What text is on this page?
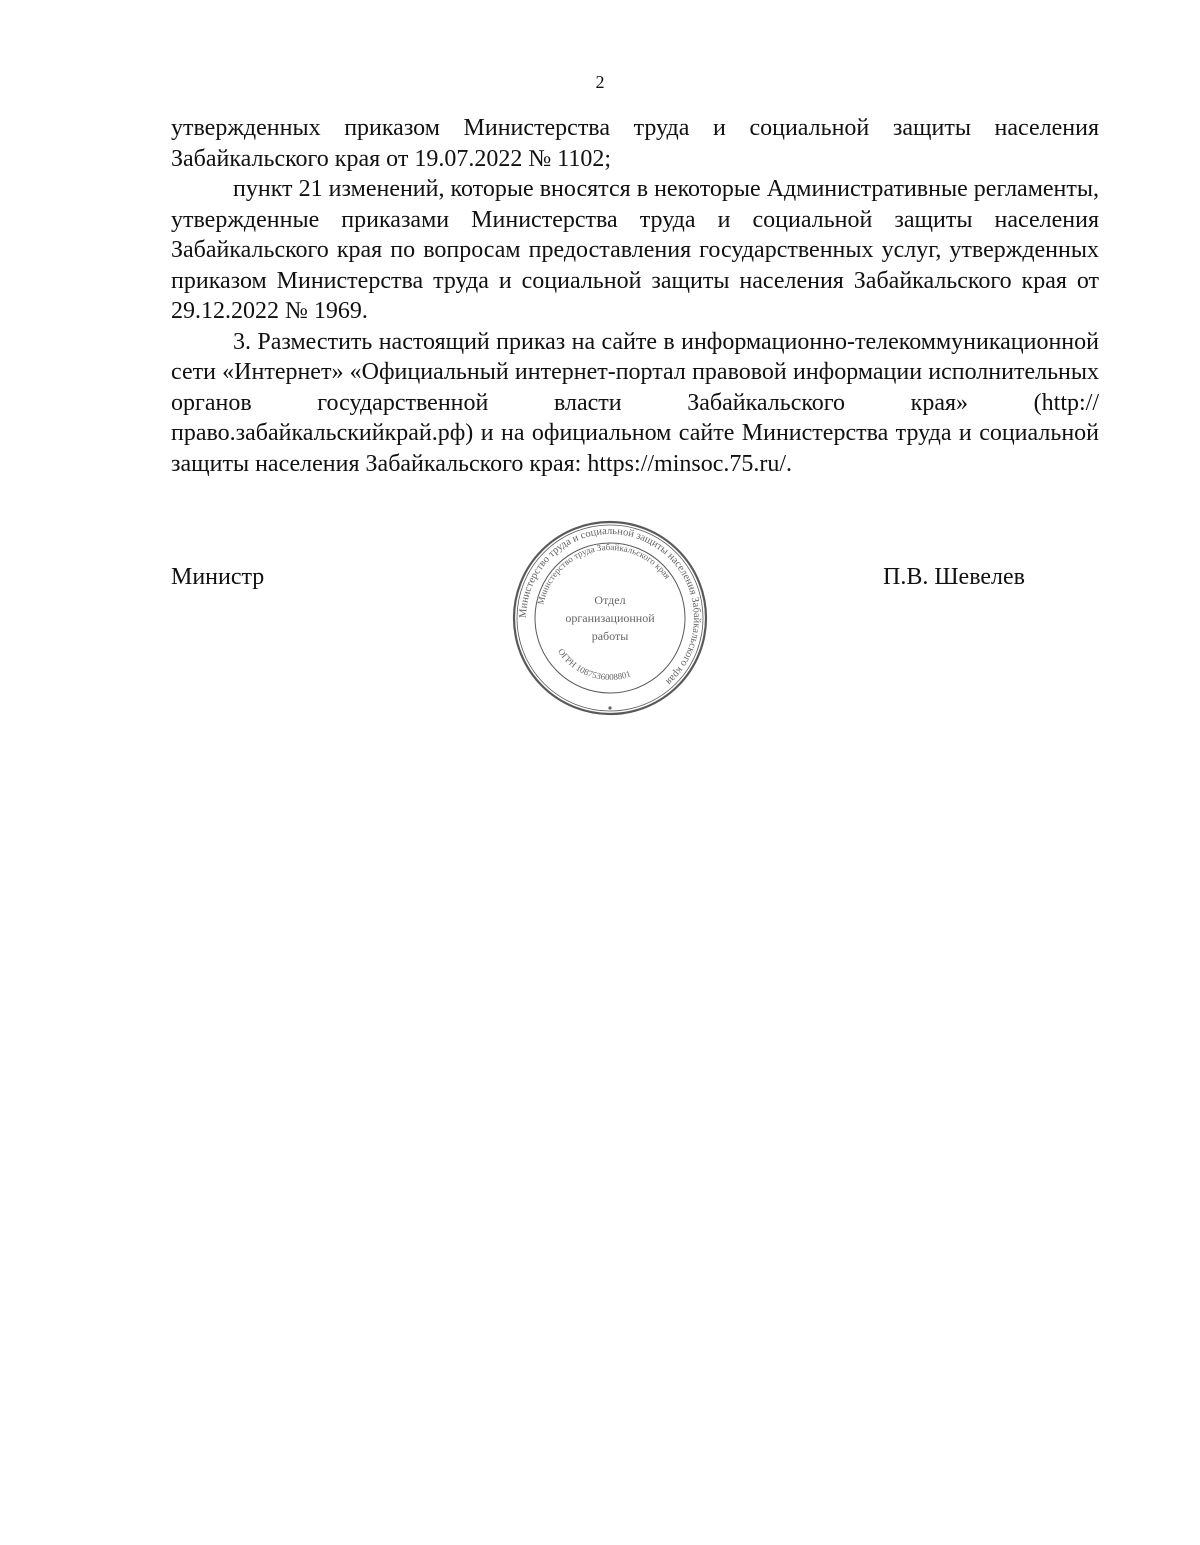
2

утвержденных приказом Министерства труда и социальной защиты населения Забайкальского края от 19.07.2022 № 1102;

пункт 21 изменений, которые вносятся в некоторые Административные регламенты, утвержденные приказами Министерства труда и социальной защиты населения Забайкальского края по вопросам предоставления государственных услуг, утвержденных приказом Министерства труда и социальной защиты населения Забайкальского края от 29.12.2022 № 1969.

3. Разместить настоящий приказ на сайте в информационно-телекоммуникационной сети «Интернет» «Официальный интернет-портал правовой информации исполнительных органов государственной власти Забайкальского края» (http://право.забайкальскийкрай.рф) и на официальном сайте Министерства труда и социальной защиты населения Забайкальского края: https://minsoc.75.ru/.

Министр	П.В. Шевелев
Министерство труда и социальной защиты населения Забайкальского края
Министерство труда Забайкальского края
ОГРН 1087536008801
Отдел
организационной
работы
